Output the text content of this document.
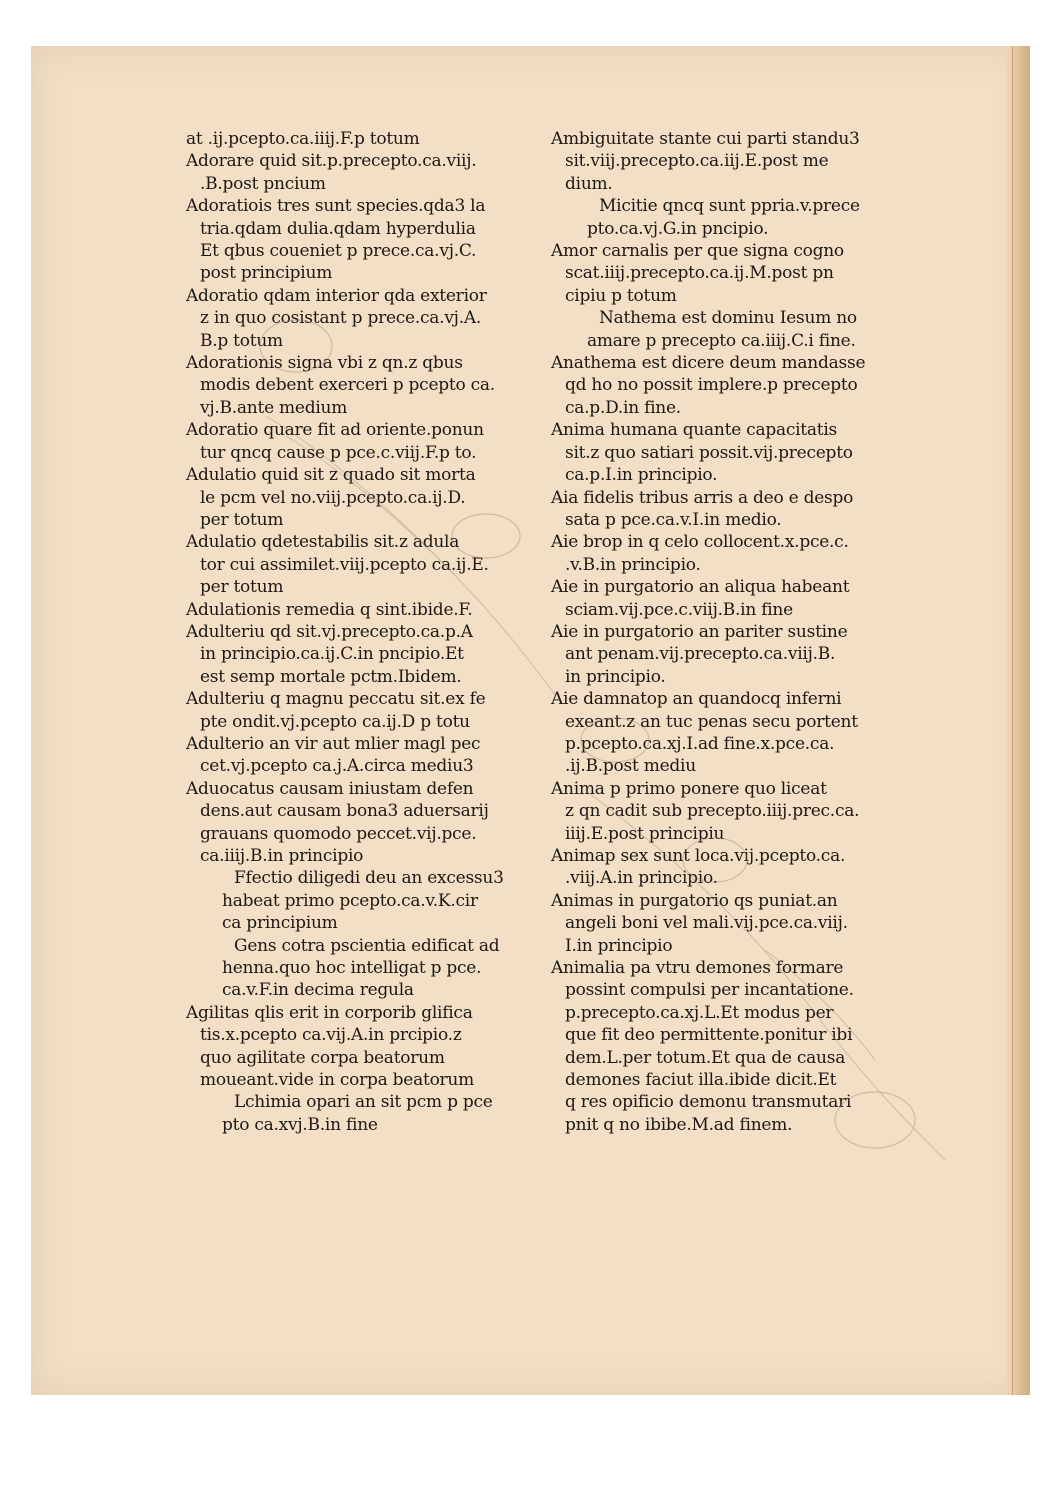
at .ij.pcepto.ca.iiij.F.p totum
Adorare quid sit.p.precepto.ca.viij.
.B.post pncium
Adoratiois tres sunt species.qda3 la
tria.qdam dulia.qdam hyperdulia
Et qbus coueniet p prece.ca.vj.C.
post principium
Adoratio qdam interior qda exterior
z in quo cosistant p prece.ca.vj.A.
B.p totum
Adorationis signa vbi z qn.z qbus
modis debent exerceri p pcepto ca.
vj.B.ante medium
Adoratio quare fit ad oriente.ponun
tur qncq cause p pce.c.viij.F.p to.
Adulatio quid sit z quado sit morta
le pcm vel no.viij.pcepto.ca.ij.D.
per totum
Adulatio qdetestabilis sit.z adula
tor cui assimilet.viij.pcepto ca.ij.E.
per totum
Adulationis remedia q sint.ibide.F.
Adulteriu qd sit.vj.precepto.ca.p.A
in principio.ca.ij.C.in pncipio.Et
est semp mortale pctm.Ibidem.
Adulteriu q magnu peccatu sit.ex fe
pte ondit.vj.pcepto ca.ij.D p totu
Adulterio an vir aut mlier magl pec
cet.vj.pcepto ca.j.A.circa mediu3
Aduocatus causam iniustam defen
dens.aut causam bona3 aduersarij
grauans quomodo peccet.vij.pce.
ca.iiij.B.in principio
Ffectio diligedi deu an excessu3
habeat primo pcepto.ca.v.K.cir
ca principium
Gens cotra pscientia edificat ad
henna.quo hoc intelligat p pce.
ca.v.F.in decima regula
Agilitas qlis erit in corporib glifica
tis.x.pcepto ca.vij.A.in prcipio.z
quo agilitate corpa beatorum
moueant.vide in corpa beatorum
Lchimia opari an sit pcm p pce
pto ca.xvj.B.in fine
Ambiguitate stante cui parti standu3
sit.viij.precepto.ca.iij.E.post me
dium.
Micitie qncq sunt ppria.v.prece
pto.ca.vj.G.in pncipio.
Amor carnalis per que signa cogno
scat.iiij.precepto.ca.ij.M.post pn
cipiu p totum
Nathema est dominu Iesum no
amare p precepto ca.iiij.C.i fine.
Anathema est dicere deum mandasse
qd ho no possit implere.p precepto
ca.p.D.in fine.
Anima humana quante capacitatis
sit.z quo satiari possit.vij.precepto
ca.p.I.in principio.
Aia fidelis tribus arris a deo e despo
sata p pce.ca.v.I.in medio.
Aie brop in q celo collocent.x.pce.c.
.v.B.in principio.
Aie in purgatorio an aliqua habeant
sciam.vij.pce.c.viij.B.in fine
Aie in purgatorio an pariter sustine
ant penam.vij.precepto.ca.viij.B.
in principio.
Aie damnatop an quandocq inferni
exeant.z an tuc penas secu portent
p.pcepto.ca.xj.I.ad fine.x.pce.ca.
.ij.B.post mediu
Anima p primo ponere quo liceat
z qn cadit sub precepto.iiij.prec.ca.
iiij.E.post principiu
Animap sex sunt loca.vij.pcepto.ca.
.viij.A.in principio.
Animas in purgatorio qs puniat.an
angeli boni vel mali.vij.pce.ca.viij.
I.in principio
Animalia pa vtru demones formare
possint compulsi per incantatione.
p.precepto.ca.xj.L.Et modus per
que fit deo permittente.ponitur ibi
dem.L.per totum.Et qua de causa
demones faciut illa.ibide dicit.Et
q res opificio demonu transmutari
pnit q no ibibe.M.ad finem.
